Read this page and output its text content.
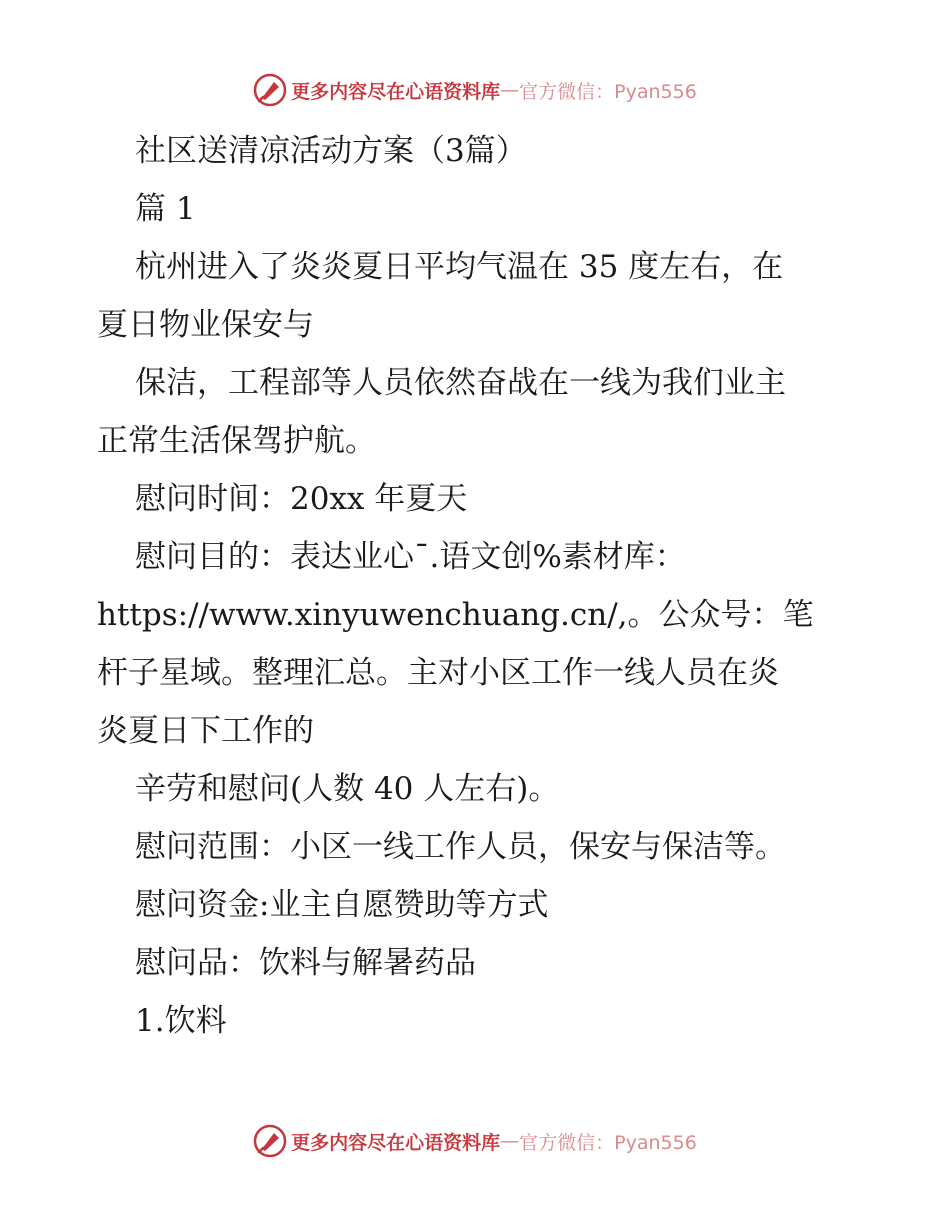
更多内容尽在心语资料库 — 官方微信：Pyan556

社区送清凉活动方案（3篇）

篇 1

杭州进入了炎炎夏日平均气温在 35 度左右，在

夏日物业保安与

保洁，工程部等人员依然奋战在一线为我们业主

正常生活保驾护航。

慰问时间：20xx 年夏天

慰问目的：表达业心¯.语文创%素材库：

https://www.xinyuwenchuang.cn/,。公众号：笔

杆子星域。整理汇总。主对小区工作一线人员在炎

炎夏日下工作的

辛劳和慰问(人数 40 人左右)。

慰问范围：小区一线工作人员，保安与保洁等。

慰问资金:业主自愿赞助等方式

慰问品：饮料与解暑药品

1.饮料

更多内容尽在心语资料库 — 官方微信：Pyan556
